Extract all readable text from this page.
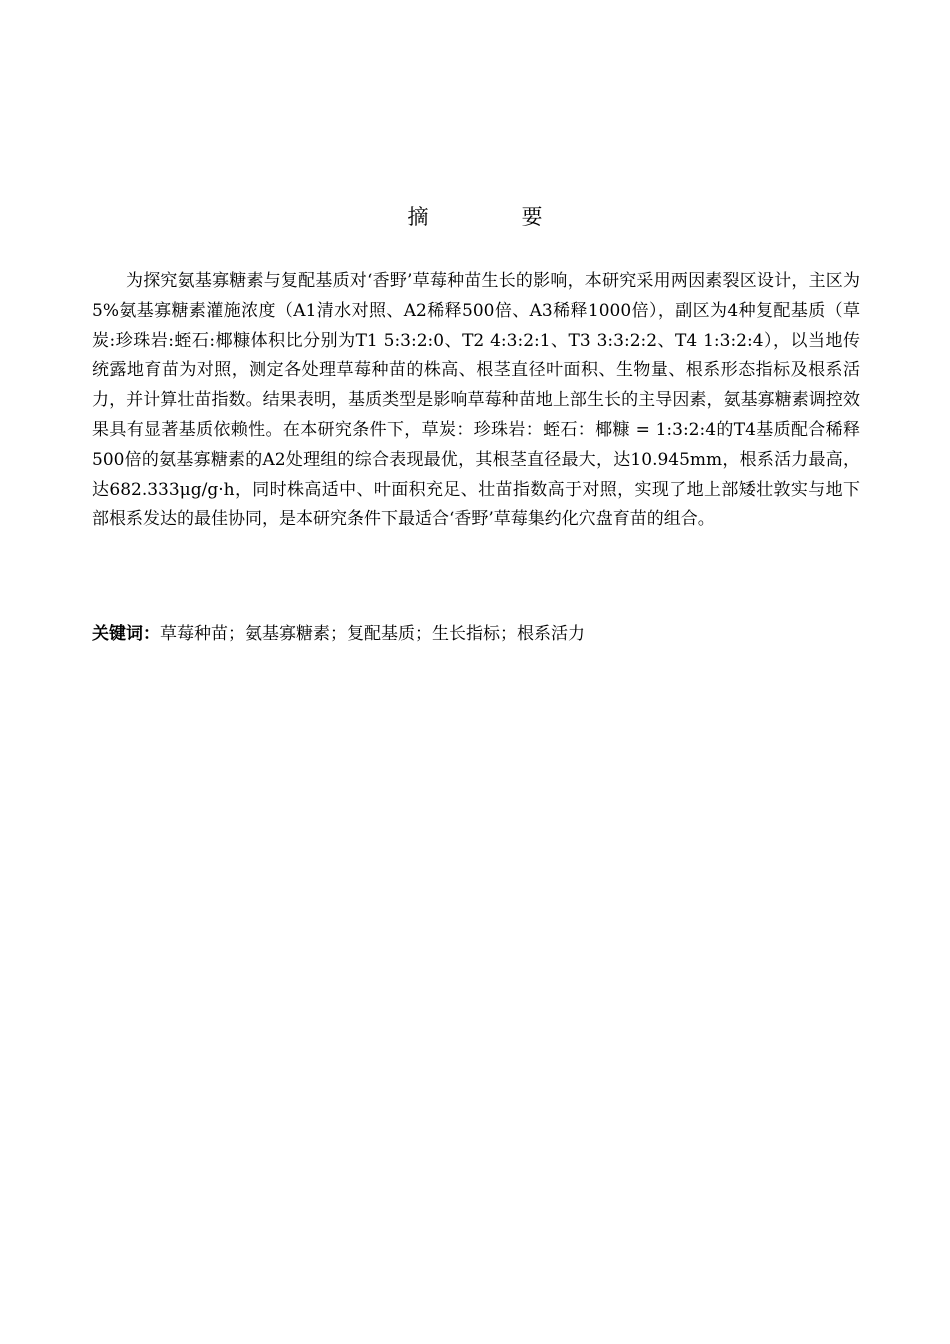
摘　要

为探究氨基寡糖素与复配基质对‘香野’草莓种苗生长的影响，本研究采用两因素裂区设计，主区为5%氨基寡糖素灌施浓度（A1清水对照、A2稀释500倍、A3稀释1000倍），副区为4种复配基质（草炭:珍珠岩:蛭石:椰糠体积比分别为T1 5:3:2:0、T2 4:3:2:1、T3 3:3:2:2、T4 1:3:2:4），以当地传统露地育苗为对照，测定各处理草莓种苗的株高、根茎直径叶面积、生物量、根系形态指标及根系活力，并计算壮苗指数。结果表明，基质类型是影响草莓种苗地上部生长的主导因素，氨基寡糖素调控效果具有显著基质依赖性。在本研究条件下，草炭：珍珠岩：蛭石：椰糠 = 1:3:2:4的T4基质配合稀释500倍的氨基寡糖素的A2处理组的综合表现最优，其根茎直径最大，达10.945mm，根系活力最高，达682.333μg/g·h，同时株高适中、叶面积充足、壮苗指数高于对照，实现了地上部矮壮敦实与地下部根系发达的最佳协同，是本研究条件下最适合‘香野’草莓集约化穴盘育苗的组合。

关键词：草莓种苗；氨基寡糖素；复配基质；生长指标；根系活力
